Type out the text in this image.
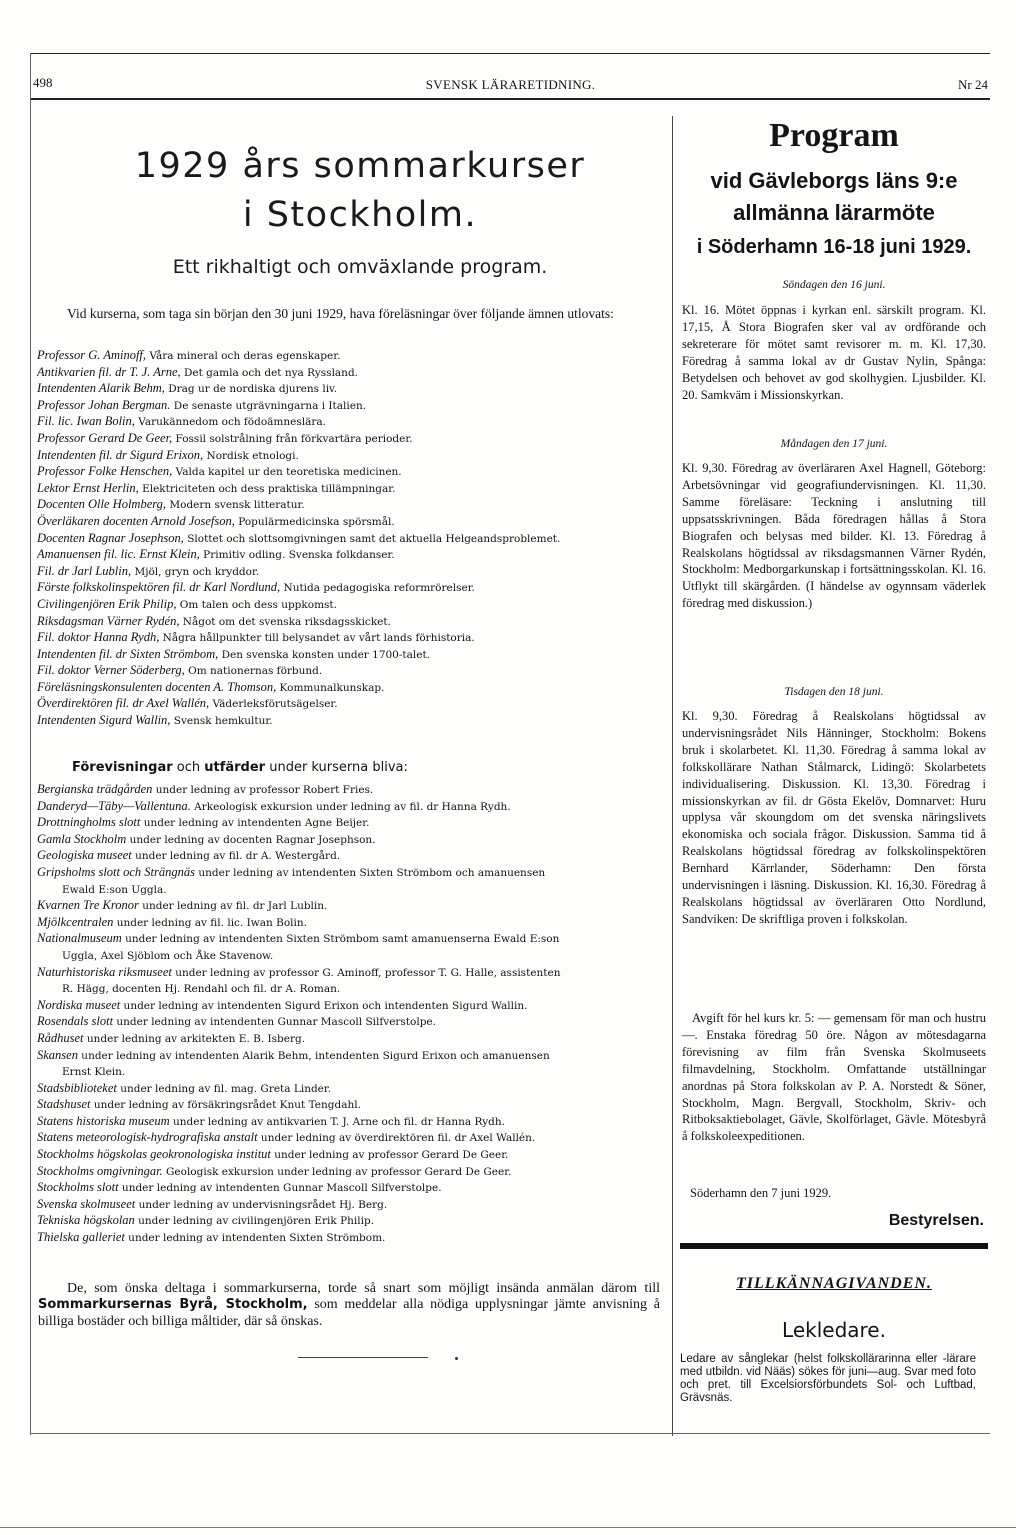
498	SVENSK LÄRARETIDNING.	Nr 24
1929 års sommarkurser
i Stockholm.
Ett rikhaltigt och omväxlande program.
Vid kurserna, som taga sin början den 30 juni 1929, hava föreläsningar över följande ämnen utlovats:
Professor G. Aminoff, Våra mineral och deras egenskaper.
Antikvarien fil. dr T. J. Arne, Det gamla och det nya Ryssland.
Intendenten Alarik Behm, Drag ur de nordiska djurens liv.
Professor Johan Bergman. De senaste utgrävningarna i Italien.
Fil. lic. Iwan Bolin, Varukännedom och födoämneslära.
Professor Gerard De Geer, Fossil solstrålning från förkvartära perioder.
Intendenten fil. dr Sigurd Erixon, Nordisk etnologi.
Professor Folke Henschen, Valda kapitel ur den teoretiska medicinen.
Lektor Ernst Herlin, Elektriciteten och dess praktiska tillämpningar.
Docenten Olle Holmberg, Modern svensk litteratur.
Överläkaren docenten Arnold Josefson, Populärmedicinska spörsmål.
Docenten Ragnar Josephson, Slottet och slottsomgivningen samt det aktuella Helgeandsproblemet.
Amanuensen fil. lic. Ernst Klein, Primitiv odling. Svenska folkdanser.
Fil. dr Jarl Lublin, Mjöl, gryn och kryddor.
Förste folkskolinspektören fil. dr Karl Nordlund, Nutida pedagogiska reformrörelser.
Civilingenjören Erik Philip, Om talen och dess uppkomst.
Riksdagsman Värner Rydén, Något om det svenska riksdagsskicket.
Fil. doktor Hanna Rydh, Några hållpunkter till belysandet av vårt lands förhistoria.
Intendenten fil. dr Sixten Strömbom, Den svenska konsten under 1700-talet.
Fil. doktor Verner Söderberg, Om nationernas förbund.
Föreläsningskonsulenten docenten A. Thomson, Kommunalkunskap.
Överdirektören fil. dr Axel Wallén, Väderleksförutsägelser.
Intendenten Sigurd Wallin, Svensk hemkultur.
Förevisningar och utfärder under kurserna bliva:
Bergianska trädgården under ledning av professor Robert Fries.
Danderyd—Täby—Vallentuna. Arkeologisk exkursion under ledning av fil. dr Hanna Rydh.
Drottningholms slott under ledning av intendenten Agne Beijer.
Gamla Stockholm under ledning av docenten Ragnar Josephson.
Geologiska museet under ledning av fil. dr A. Westergård.
Gripsholms slott och Strängnäs under ledning av intendenten Sixten Strömbom och amanuensen
Ewald E:son Uggla.
Kvarnen Tre Kronor under ledning av fil. dr Jarl Lublin.
Mjölkcentralen under ledning av fil. lic. Iwan Bolin.
Nationalmuseum under ledning av intendenten Sixten Strömbom samt amanuenserna Ewald E:son
Uggla, Axel Sjöblom och Åke Stavenow.
Naturhistoriska riksmuseet under ledning av professor G. Aminoff, professor T. G. Halle, assistenten
R. Hägg, docenten Hj. Rendahl och fil. dr A. Roman.
Nordiska museet under ledning av intendenten Sigurd Erixon och intendenten Sigurd Wallin.
Rosendals slott under ledning av intendenten Gunnar Mascoll Silfverstolpe.
Rådhuset under ledning av arkitekten E. B. Isberg.
Skansen under ledning av intendenten Alarik Behm, intendenten Sigurd Erixon och amanuensen
Ernst Klein.
Stadsbiblioteket under ledning av fil. mag. Greta Linder.
Stadshuset under ledning av försäkringsrådet Knut Tengdahl.
Statens historiska museum under ledning av antikvarien T. J. Arne och fil. dr Hanna Rydh.
Statens meteorologisk-hydrografiska anstalt under ledning av överdirektören fil. dr Axel Wallén.
Stockholms högskolas geokronologiska institut under ledning av professor Gerard De Geer.
Stockholms omgivningar. Geologisk exkursion under ledning av professor Gerard De Geer.
Stockholms slott under ledning av intendenten Gunnar Mascoll Silfverstolpe.
Svenska skolmuseet under ledning av undervisningsrådet Hj. Berg.
Tekniska högskolan under ledning av civilingenjören Erik Philip.
Thielska galleriet under ledning av intendenten Sixten Strömbom.
De, som önska deltaga i sommarkurserna, torde så snart som möjligt insända anmälan därom till Sommarkursernas Byrå, Stockholm, som meddelar alla nödiga upplysningar jämte anvisning å billiga bostäder och billiga måltider, där så önskas.
Program
vid Gävleborgs läns 9:e
allmänna lärarmöte
i Söderhamn 16-18 juni 1929.
Söndagen den 16 juni.
Kl. 16. Mötet öppnas i kyrkan enl. särskilt program. Kl. 17,15, Å Stora Biografen sker val av ordförande och sekreterare för mötet samt revisorer m. m. Kl. 17,30. Föredrag å samma lokal av dr Gustav Nylin, Spånga: Betydelsen och behovet av god skolhygien. Ljusbilder. Kl. 20. Samkväm i Missionskyrkan.
Måndagen den 17 juni.
Kl. 9,30. Föredrag av överläraren Axel Hagnell, Göteborg: Arbetsövningar vid geografiundervisningen. Kl. 11,30. Samme föreläsare: Teckning i anslutning till uppsatsskrivningen. Båda föredragen hållas å Stora Biografen och belysas med bilder. Kl. 13. Föredrag å Realskolans högtidssal av riksdagsmannen Värner Rydén, Stockholm: Medborgarkunskap i fortsättningsskolan. Kl. 16. Utflykt till skärgården. (I händelse av ogynnsam väderlek föredrag med diskussion.)
Tisdagen den 18 juni.
Kl. 9,30. Föredrag å Realskolans högtidssal av undervisningsrådet Nils Hänninger, Stockholm: Bokens bruk i skolarbetet. Kl. 11,30. Föredrag å samma lokal av folkskollärare Nathan Stålmarck, Lidingö: Skolarbetets individualisering. Diskussion. Kl. 13,30. Föredrag i missionskyrkan av fil. dr Gösta Ekelöv, Domnarvet: Huru upplysa vår skoungdom om det svenska näringslivets ekonomiska och sociala frågor. Diskussion. Samma tid å Realskolans högtidssal föredrag av folkskolinspektören Bernhard Kärrlander, Söderhamn: Den första undervisningen i läsning. Diskussion. Kl. 16,30. Föredrag å Realskolans högtidssal av överläraren Otto Nordlund, Sandviken: De skriftliga proven i folkskolan.
Avgift för hel kurs kr. 5: — gemensam för man och hustru —. Enstaka föredrag 50 öre. Någon av mötesdagarna förevisning av film från Svenska Skolmuseets filmavdelning, Stockholm. Omfattande utställningar anordnas på Stora folkskolan av P. A. Norstedt & Söner, Stockholm, Magn. Bergvall, Stockholm, Skriv- och Ritboksaktiebolaget, Gävle, Skolförlaget, Gävle. Mötesbyrå å folkskoleexpeditionen.
Söderhamn den 7 juni 1929.
Bestyrelsen.
TILLKÄNNAGIVANDEN.
Lekledare.
Ledare av sånglekar (helst folkskollärarinna eller -lärare med utbildn. vid Nääs) sökes för juni—aug. Svar med foto och pret. till Excelsiorsförbundets Sol- och Luftbad, Grävsnäs.
